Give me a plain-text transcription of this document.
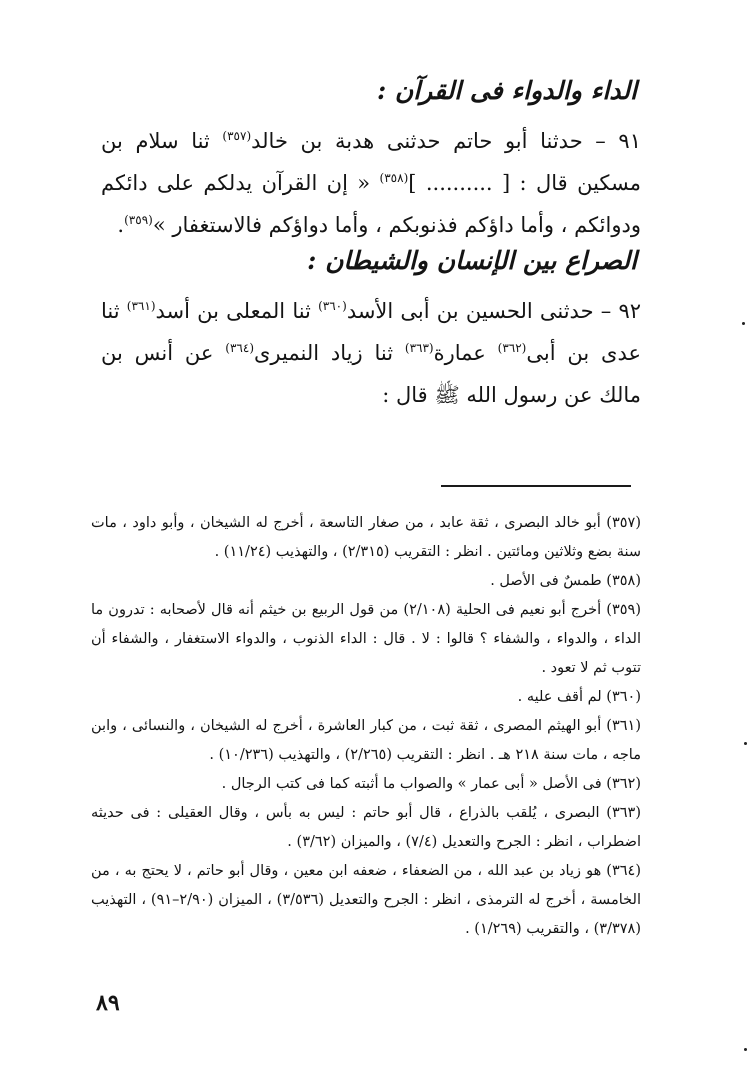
الداء والدواء فى القرآن :
٩١ – حدثنا أبو حاتم حدثنى هدبة بن خالد$^{(٣٥٧)}$ ثنا سلام بن مسكين قال : [ .......... ]$^{(٣٥٨)}$ « إن القرآن يدلكم على دائكم ودوائكم ، وأما داؤكم فذنوبكم ، وأما دواؤكم فالاستغفار »$^{(٣٥٩)}$.
الصراع بين الإنسان والشيطان :
٩٢ – حدثنى الحسين بن أبى الأسد$^{(٣٦٠)}$ ثنا المعلى بن أسد$^{(٣٦١)}$ ثنا عدى بن أبى$^{(٣٦٢)}$ عمارة$^{(٣٦٣)}$ ثنا زياد النميرى$^{(٣٦٤)}$ عن أنس بن مالك عن رسول الله ﷺ قال :
(٣٥٧) أبو خالد البصرى ، ثقة عابد ، من صغار التاسعة ، أخرج له الشيخان ، وأبو داود ، مات سنة بضع وثلاثين ومائتين . انظر : التقريب (٢/٣١٥) ، والتهذيب (١١/٢٤) .
(٣٥٨) طمسٌ فى الأصل .
(٣٥٩) أخرج أبو نعيم فى الحلية (٢/١٠٨) من قول الربيع بن خيثم أنه قال لأصحابه : تدرون ما الداء ، والدواء ، والشفاء ؟ قالوا : لا . قال : الداء الذنوب ، والدواء الاستغفار ، والشفاء أن تتوب ثم لا تعود .
(٣٦٠) لم أقف عليه .
(٣٦١) أبو الهيثم المصرى ، ثقة ثبت ، من كبار العاشرة ، أخرج له الشيخان ، والنسائى ، وابن ماجه ، مات سنة ٢١٨ هـ . انظر : التقريب (٢/٢٦٥) ، والتهذيب (١٠/٢٣٦) .
(٣٦٢) فى الأصل « أبى عمار » والصواب ما أثبته كما فى كتب الرجال .
(٣٦٣) البصرى ، يُلقب بالذراع ، قال أبو حاتم : ليس به بأس ، وقال العقيلى : فى حديثه اضطراب ، انظر : الجرح والتعديل (٧/٤) ، والميزان (٣/٦٢) .
(٣٦٤) هو زياد بن عبد الله ، من الضعفاء ، ضعفه ابن معين ، وقال أبو حاتم ، لا يحتج به ، من الخامسة ، أخرج له الترمذى ، انظر : الجرح والتعديل (٣/٥٣٦) ، الميزان (٢/٩٠–٩١) ، التهذيب (٣/٣٧٨) ، والتقريب (١/٢٦٩) .
٨٩
